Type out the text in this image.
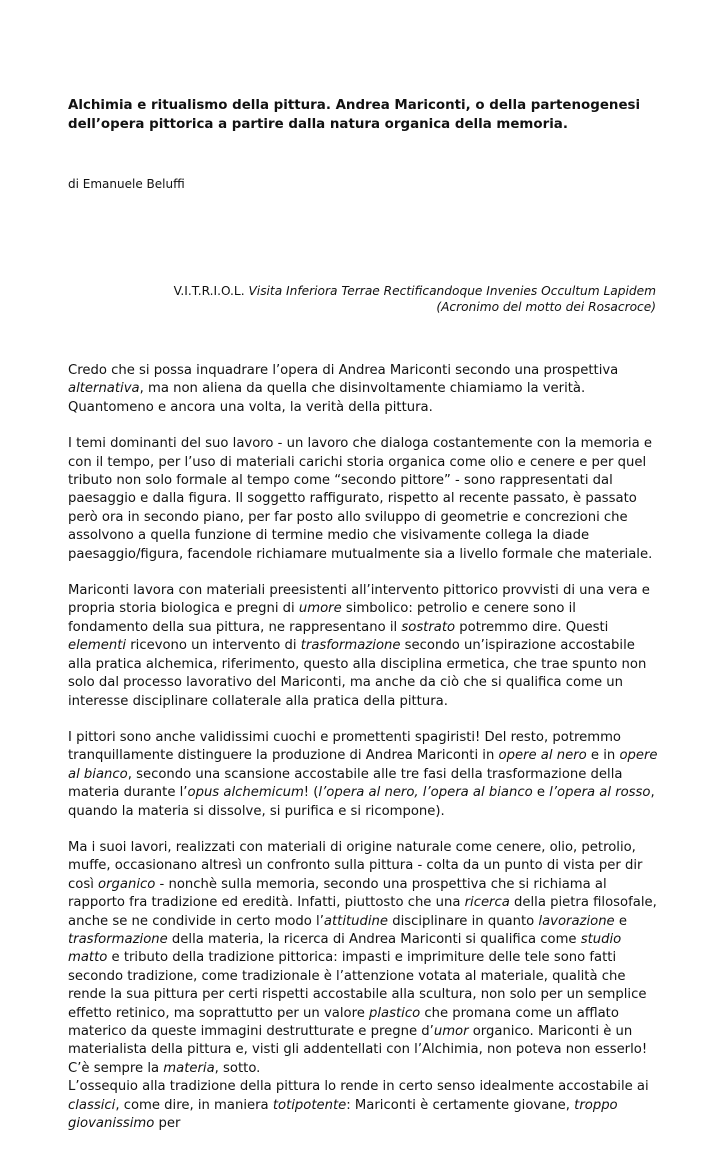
Alchimia e ritualismo della pittura. Andrea Mariconti, o della partenogenesi dell’opera pittorica a partire dalla natura organica della memoria.

di Emanuele Beluffi

V.I.T.R.I.O.L. Visita Inferiora Terrae Rectificandoque Invenies Occultum Lapidem

(Acronimo del motto dei Rosacroce)

Credo che si possa inquadrare l’opera di Andrea Mariconti secondo una prospettiva alternativa, ma non aliena da quella che disinvoltamente chiamiamo la verità. Quantomeno e ancora una volta, la verità della pittura.

I temi dominanti del suo lavoro - un lavoro che dialoga costantemente con la memoria e con il tempo, per l’uso di materiali carichi storia organica come olio e cenere e per quel tributo non solo formale al tempo come “secondo pittore” - sono rappresentati dal paesaggio e dalla figura. Il soggetto raffigurato, rispetto al recente passato, è passato però ora in secondo piano, per far posto allo sviluppo di geometrie e concrezioni che assolvono a quella funzione di termine medio che visivamente collega la diade paesaggio/figura, facendole richiamare mutualmente sia a livello formale che materiale.

Mariconti lavora con materiali preesistenti all’intervento pittorico provvisti di una vera e propria storia biologica e pregni di umore simbolico: petrolio e cenere sono il fondamento della sua pittura, ne rappresentano il sostrato potremmo dire. Questi elementi ricevono un intervento di trasformazione secondo un’ispirazione accostabile alla pratica alchemica, riferimento, questo alla disciplina ermetica, che trae spunto non solo dal processo lavorativo del Mariconti, ma anche da ciò che si qualifica come un interesse disciplinare collaterale alla pratica della pittura.

I pittori sono anche validissimi cuochi e promettenti spagiristi! Del resto, potremmo tranquillamente distinguere la produzione di Andrea Mariconti in opere al nero e in opere al bianco, secondo una scansione accostabile alle tre fasi della trasformazione della materia durante l’opus alchemicum! (l’opera al nero, l’opera al bianco e l’opera al rosso, quando la materia si dissolve, si purifica e si ricompone).

Ma i suoi lavori, realizzati con materiali di origine naturale come cenere, olio, petrolio, muffe, occasionano altresì un confronto sulla pittura - colta da un punto di vista per dir così organico - nonchè sulla memoria, secondo una prospettiva che si richiama al rapporto fra tradizione ed eredità. Infatti, piuttosto che una ricerca della pietra filosofale, anche se ne condivide in certo modo l’attitudine disciplinare in quanto lavorazione e trasformazione della materia, la ricerca di Andrea Mariconti si qualifica come studio matto e tributo della tradizione pittorica: impasti e imprimiture delle tele sono fatti secondo tradizione, come tradizionale è l’attenzione votata al materiale, qualità che rende la sua pittura per certi rispetti accostabile alla scultura, non solo per un semplice effetto retinico, ma soprattutto per un valore plastico che promana come un afflato materico da queste immagini destrutturate e pregne d’umor organico. Mariconti è un materialista della pittura e, visti gli addentellati con l’Alchimia, non poteva non esserlo! C’è sempre la materia, sotto.

L’ossequio alla tradizione della pittura lo rende in certo senso idealmente accostabile ai classici, come dire, in maniera totipotente: Mariconti è certamente giovane, troppo giovanissimo per
